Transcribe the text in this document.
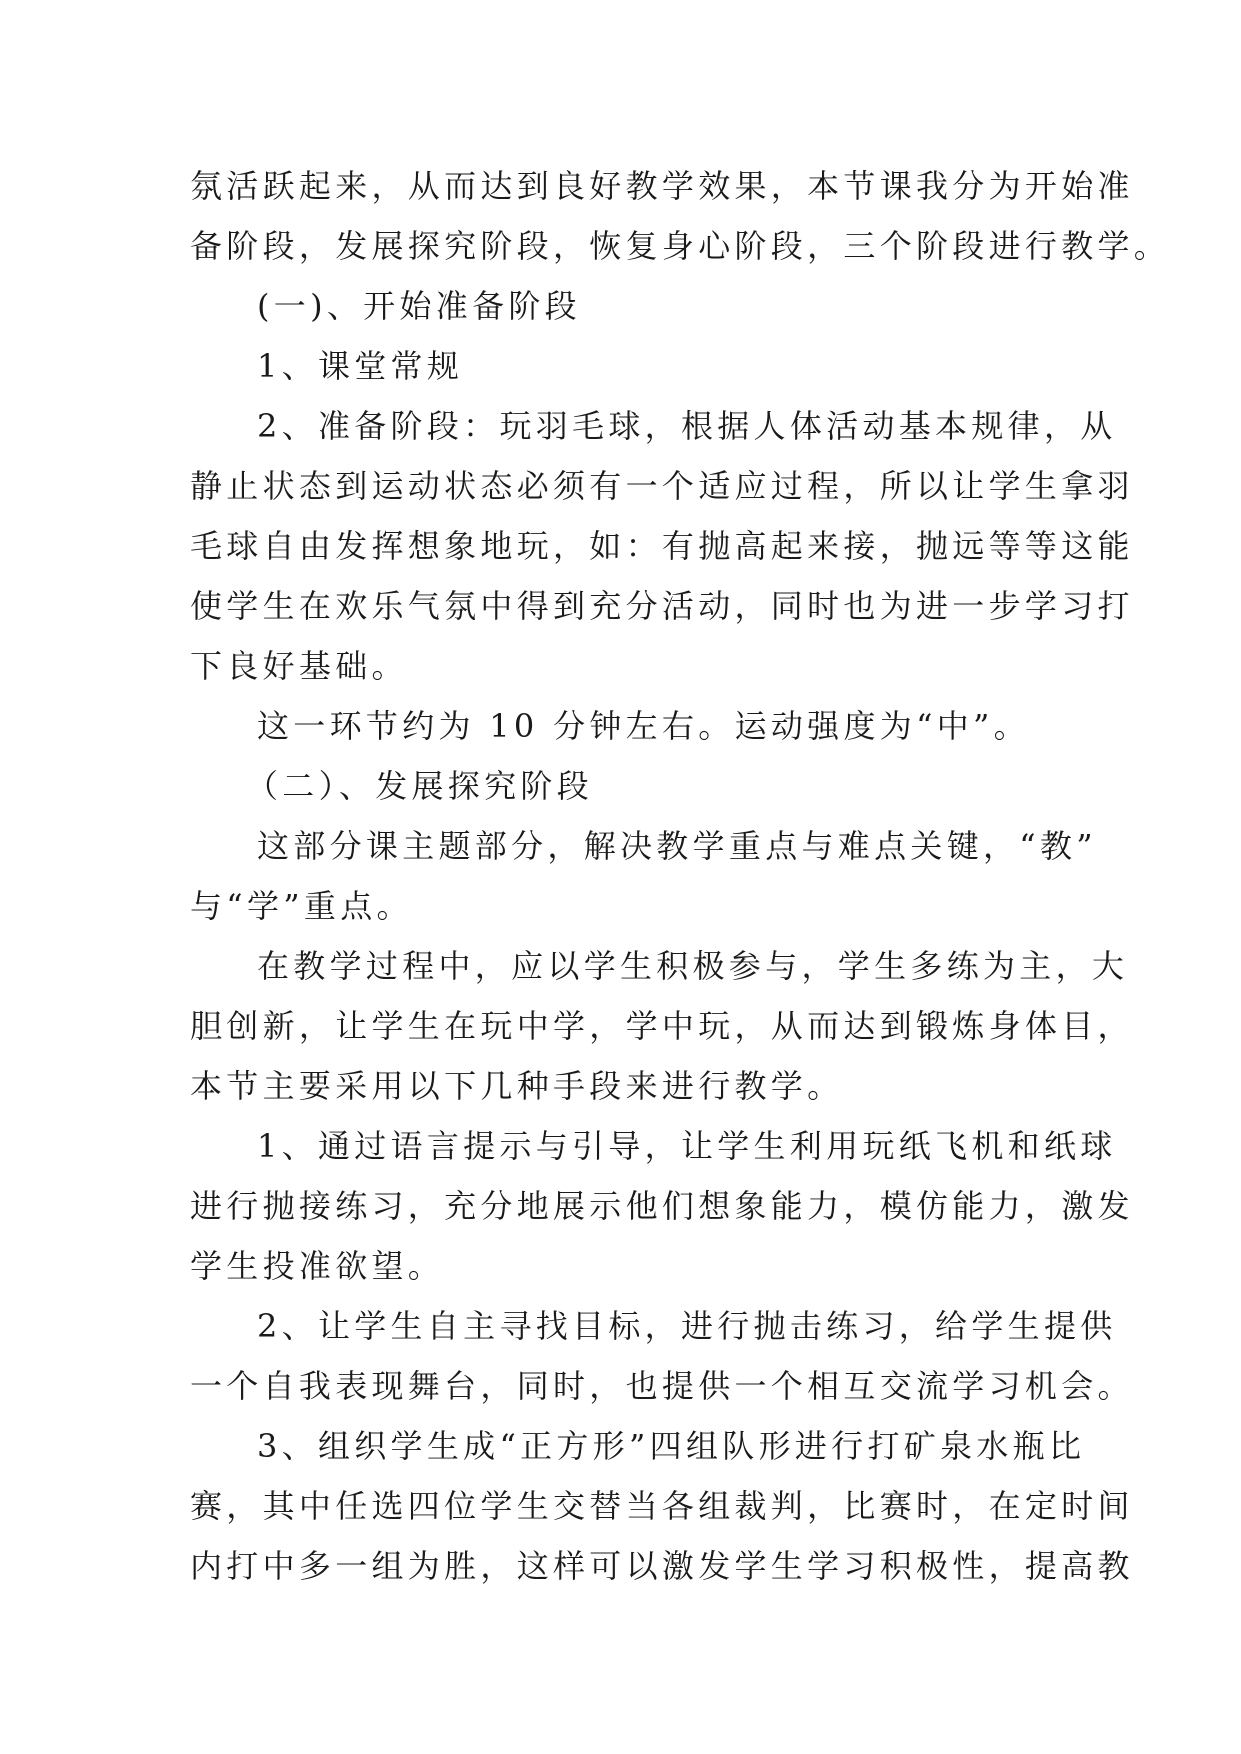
氛活跃起来，从而达到良好教学效果，本节课我分为开始准
备阶段，发展探究阶段，恢复身心阶段，三个阶段进行教学。
(一)、开始准备阶段
1、课堂常规
2、准备阶段：玩羽毛球，根据人体活动基本规律，从
静止状态到运动状态必须有一个适应过程，所以让学生拿羽
毛球自由发挥想象地玩，如：有抛高起来接，抛远等等这能
使学生在欢乐气氛中得到充分活动，同时也为进一步学习打
下良好基础。
这一环节约为 10 分钟左右。运动强度为“中”。
（二）、发展探究阶段
这部分课主题部分，解决教学重点与难点关键，“教”
与“学”重点。
在教学过程中，应以学生积极参与，学生多练为主，大
胆创新，让学生在玩中学，学中玩，从而达到锻炼身体目，
本节主要采用以下几种手段来进行教学。
1、通过语言提示与引导，让学生利用玩纸飞机和纸球
进行抛接练习，充分地展示他们想象能力，模仿能力，激发
学生投准欲望。
2、让学生自主寻找目标，进行抛击练习，给学生提供
一个自我表现舞台，同时，也提供一个相互交流学习机会。
3、组织学生成“正方形”四组队形进行打矿泉水瓶比
赛，其中任选四位学生交替当各组裁判，比赛时，在定时间
内打中多一组为胜，这样可以激发学生学习积极性，提高教
